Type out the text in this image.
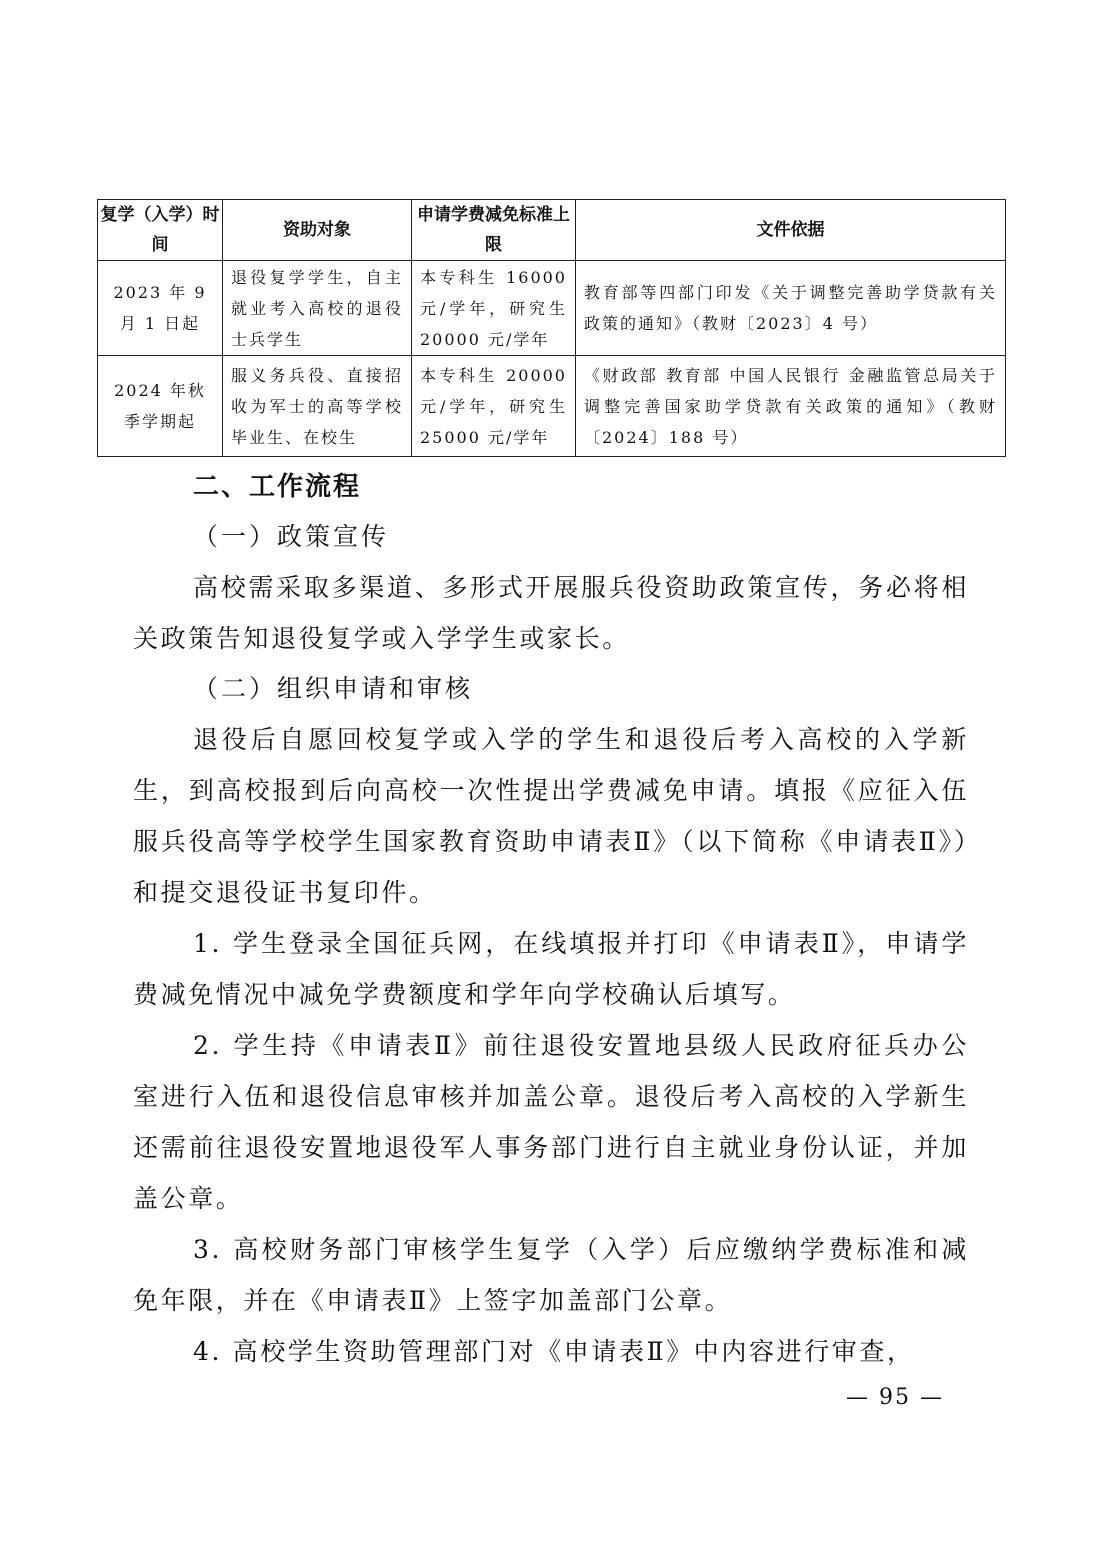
复学（入学）时间	资助对象	申请学费减免标准上限	文件依据
2023 年 9 月 1 日起	退役复学学生，自主就业考入高校的退役士兵学生	本专科生 16000 元/学年，研究生 20000 元/学年	教育部等四部门印发《关于调整完善助学贷款有关政策的通知》（教财〔2023〕4 号）
2024 年秋季学期起	服义务兵役、直接招收为军士的高等学校毕业生、在校生	本专科生 20000 元/学年，研究生 25000 元/学年	《财政部 教育部 中国人民银行 金融监管总局关于调整完善国家助学贷款有关政策的通知》（教财〔2024〕188 号）
二、工作流程
（一）政策宣传

高校需采取多渠道、多形式开展服兵役资助政策宣传，务必将相关政策告知退役复学或入学学生或家长。

（二）组织申请和审核

退役后自愿回校复学或入学的学生和退役后考入高校的入学新生，到高校报到后向高校一次性提出学费减免申请。填报《应征入伍服兵役高等学校学生国家教育资助申请表Ⅱ》（以下简称《申请表Ⅱ》）和提交退役证书复印件。

1. 学生登录全国征兵网，在线填报并打印《申请表Ⅱ》，申请学费减免情况中减免学费额度和学年向学校确认后填写。

2. 学生持《申请表Ⅱ》前往退役安置地县级人民政府征兵办公室进行入伍和退役信息审核并加盖公章。退役后考入高校的入学新生还需前往退役安置地退役军人事务部门进行自主就业身份认证，并加盖公章。

3. 高校财务部门审核学生复学（入学）后应缴纳学费标准和减免年限，并在《申请表Ⅱ》上签字加盖部门公章。

4. 高校学生资助管理部门对《申请表Ⅱ》中内容进行审查，

— 95 —
